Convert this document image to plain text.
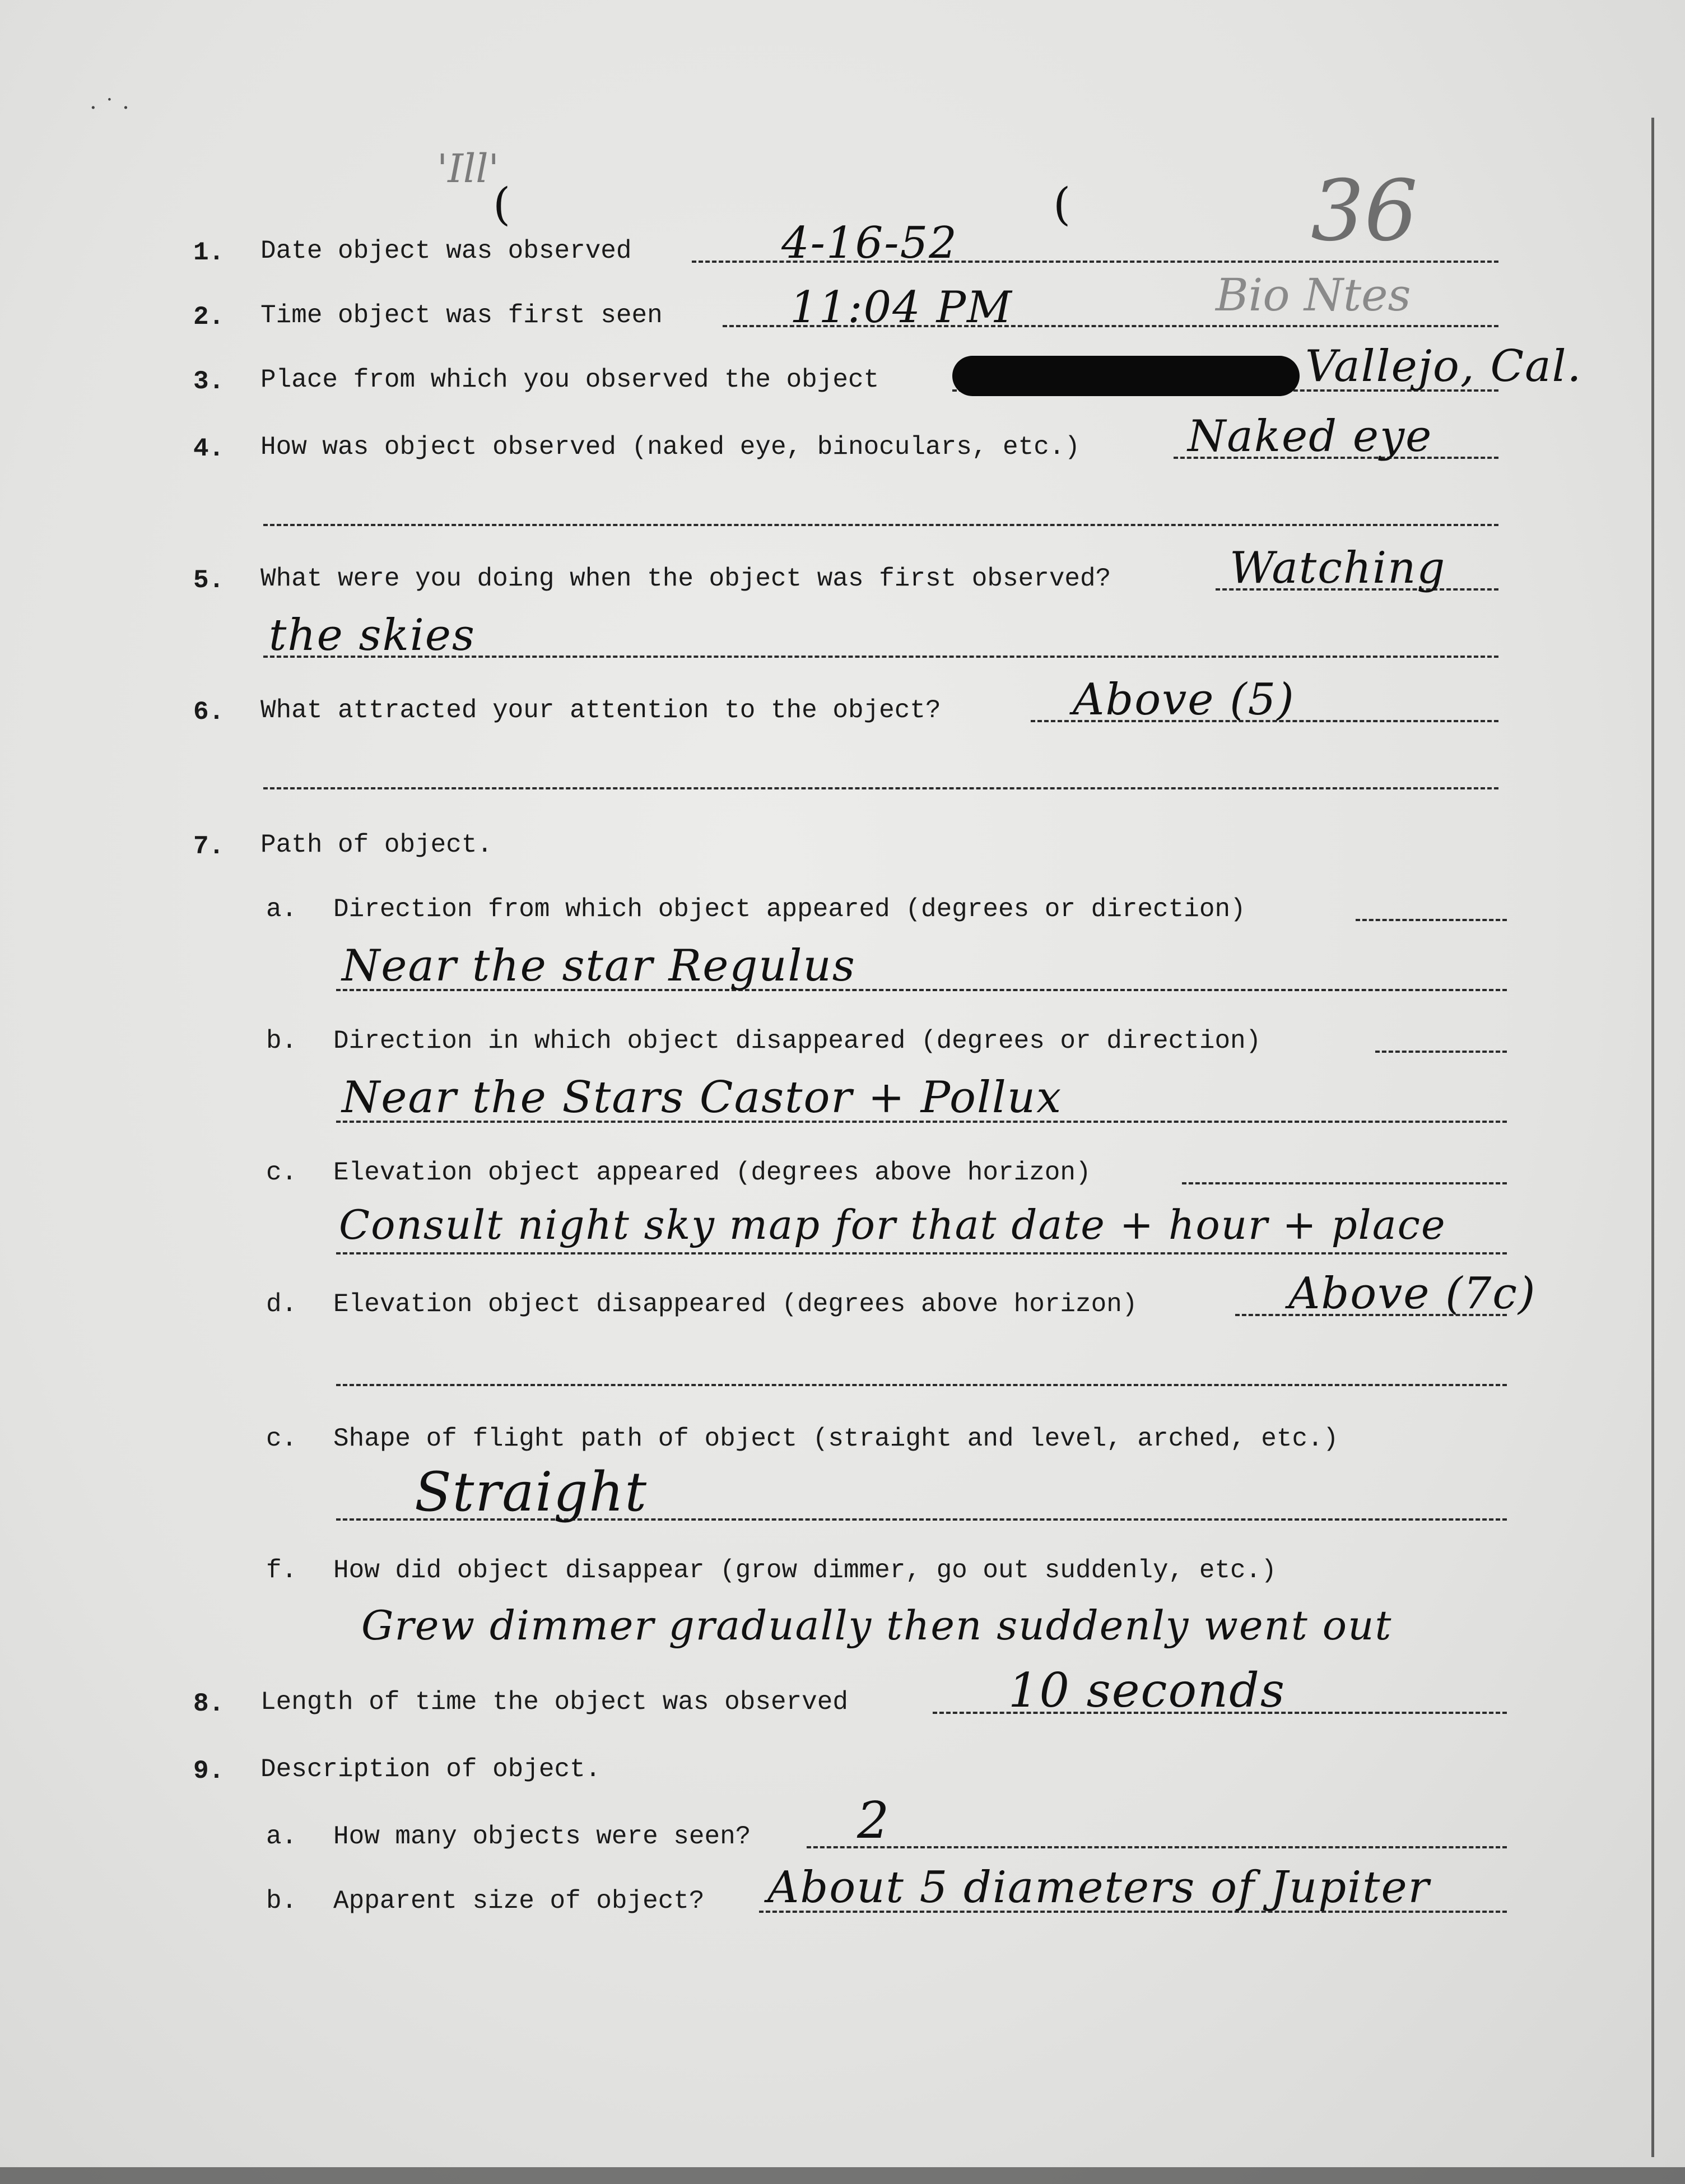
· ˙ ·
'Ill'
(	(	36
Bio Ntes
1. Date object was observed	4-16-52
2. Time object was first seen	11:04 PM
3. Place from which you observed the object	Vallejo, Cal.
4. How was object observed (naked eye, binoculars, etc.) Naked eye
5. What were you doing when the object was first observed?	Watching
the skies
6. What attracted your attention to the object?	Above (5)
7. Path of object.
a. Direction from which object appeared (degrees or direction)
Near the star Regulus
b. Direction in which object disappeared (degrees or direction)
Near the Stars Castor + Pollux
c. Elevation object appeared (degrees above horizon)
Consult night sky map for that date + hour + place
d. Elevation object disappeared (degrees above horizon)	Above (7c)
c. Shape of flight path of object (straight and level, arched, etc.)
Straight
f. How did object disappear (grow dimmer, go out suddenly, etc.)
Grew dimmer gradually then suddenly went out
8. Length of time the object was observed	10 seconds
9. Description of object.
a. How many objects were seen? 2
b. Apparent size of object? About 5 diameters of Jupiter
